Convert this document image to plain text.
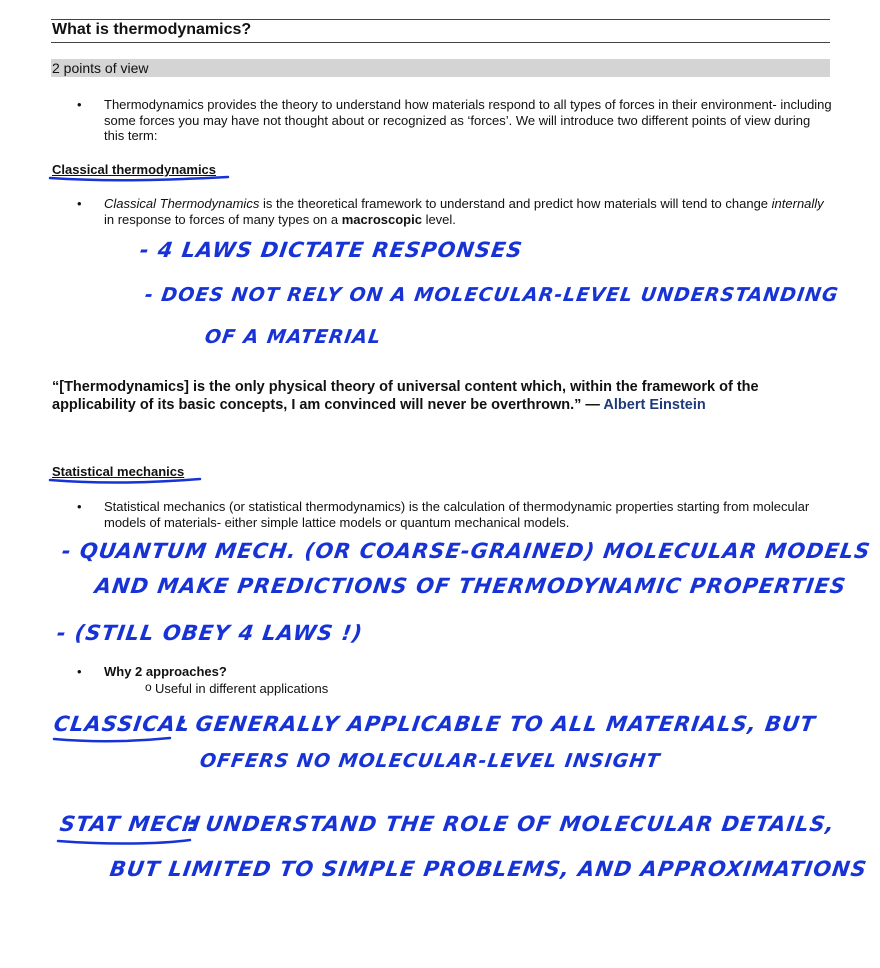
What is thermodynamics?
2 points of view
• Thermodynamics provides the theory to understand how materials respond to all types of forces in their environment- including some forces you may have not thought about or recognized as ‘forces’. We will introduce two different points of view during this term:
Classical thermodynamics
• Classical Thermodynamics is the theoretical framework to understand and predict how materials will tend to change internally in response to forces of many types on a macroscopic level.
- 4 LAWS DICTATE RESPONSES
- DOES NOT RELY ON A MOLECULAR-LEVEL UNDERSTANDING
OF A MATERIAL
“[Thermodynamics] is the only physical theory of universal content which, within the framework of the applicability of its basic concepts, I am convinced will never be overthrown.” — Albert Einstein
Statistical mechanics
• Statistical mechanics (or statistical thermodynamics) is the calculation of thermodynamic properties starting from molecular models of materials- either simple lattice models or quantum mechanical models.
- QUANTUM MECH. (OR COARSE-GRAINED) MOLECULAR MODELS
AND MAKE PREDICTIONS OF THERMODYNAMIC PROPERTIES
- (STILL OBEY 4 LAWS !)
• Why 2 approaches?
o Useful in different applications
CLASSICAL
: GENERALLY APPLICABLE TO ALL MATERIALS, BUT
OFFERS NO MOLECULAR-LEVEL INSIGHT
STAT MECH
: UNDERSTAND THE ROLE OF MOLECULAR DETAILS,
BUT LIMITED TO SIMPLE PROBLEMS, AND APPROXIMATIONS
